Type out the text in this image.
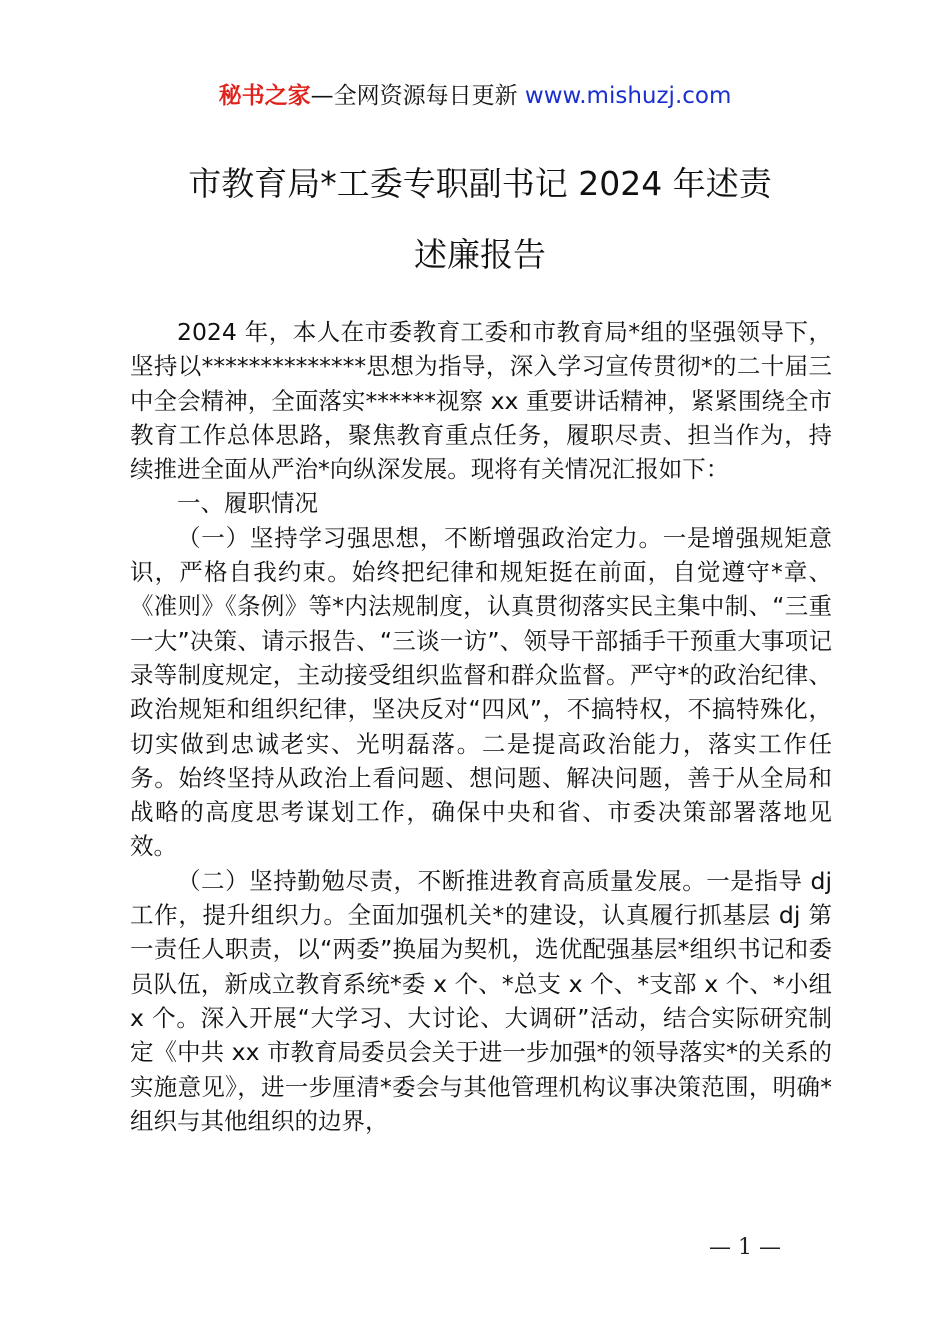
秘书之家—全网资源每日更新 www.mishuzj.com
市教育局*工委专职副书记 2024 年述责
述廉报告

2024 年，本人在市委教育工委和市教育局*组的坚强领导下，坚持以**************思想为指导，深入学习宣传贯彻*的二十届三中全会精神，全面落实******视察 xx 重要讲话精神，紧紧围绕全市教育工作总体思路，聚焦教育重点任务，履职尽责、担当作为，持续推进全面从严治*向纵深发展。现将有关情况汇报如下：

一、履职情况

（一）坚持学习强思想，不断增强政治定力。一是增强规矩意识，严格自我约束。始终把纪律和规矩挺在前面，自觉遵守*章、《准则》《条例》等*内法规制度，认真贯彻落实民主集中制、“三重一大”决策、请示报告、“三谈一访”、领导干部插手干预重大事项记录等制度规定，主动接受组织监督和群众监督。严守*的政治纪律、政治规矩和组织纪律，坚决反对“四风”，不搞特权，不搞特殊化，切实做到忠诚老实、光明磊落。二是提高政治能力，落实工作任务。始终坚持从政治上看问题、想问题、解决问题，善于从全局和战略的高度思考谋划工作，确保中央和省、市委决策部署落地见效。

（二）坚持勤勉尽责，不断推进教育高质量发展。一是指导 dj 工作，提升组织力。全面加强机关*的建设，认真履行抓基层 dj 第一责任人职责，以“两委”换届为契机，选优配强基层*组织书记和委员队伍，新成立教育系统*委 x 个、*总支 x 个、*支部 x 个、*小组 x 个。深入开展“大学习、大讨论、大调研”活动，结合实际研究制定《中共 xx 市教育局委员会关于进一步加强*的领导落实*的关系的实施意见》，进一步厘清*委会与其他管理机构议事决策范围，明确*组织与其他组织的边界，

— 1 —
